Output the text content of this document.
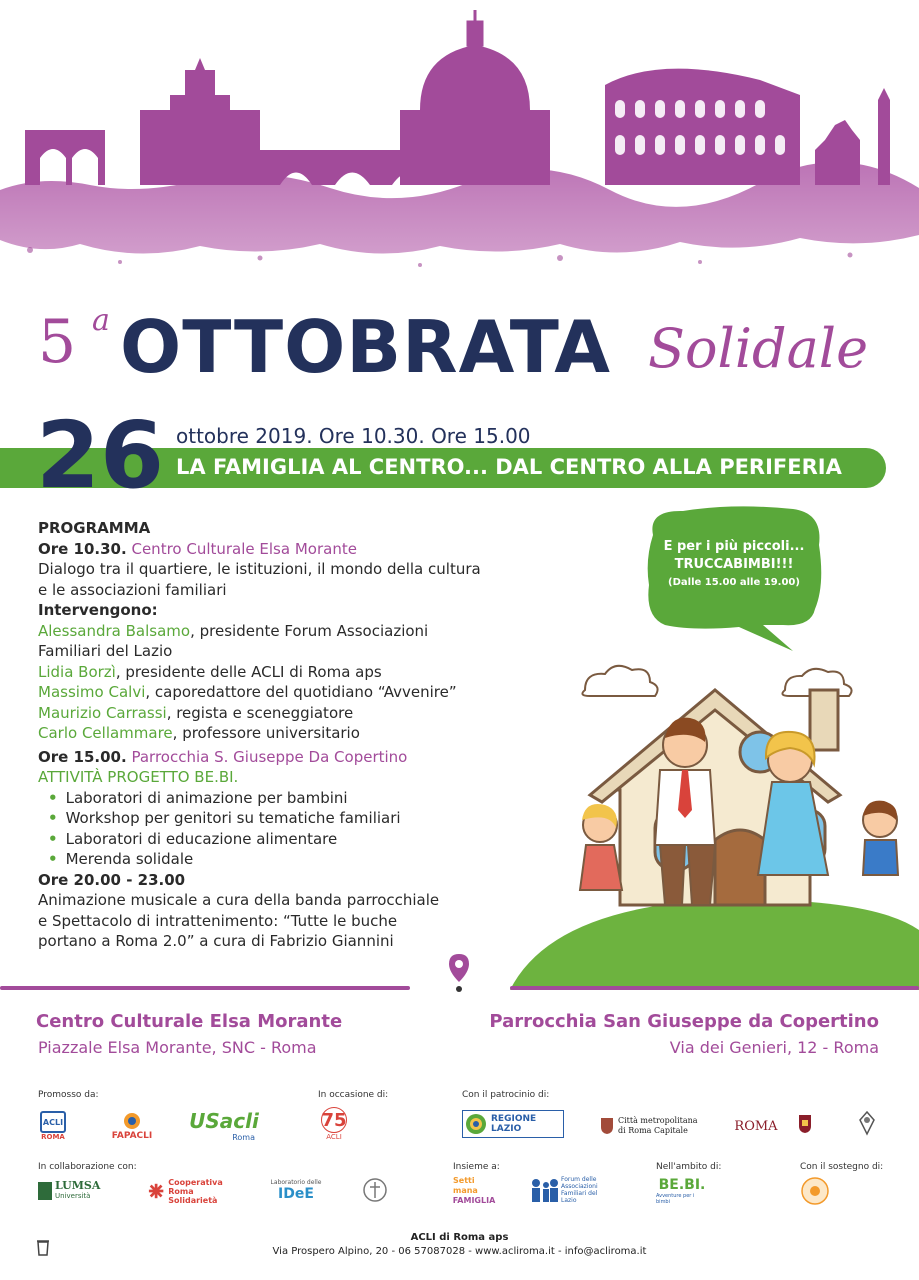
5 a OTTOBRATA Solidale
26 ottobre 2019. Ore 10.30. Ore 15.00
LA FAMIGLIA AL CENTRO... DAL CENTRO ALLA PERIFERIA
PROGRAMMA
Ore 10.30. Centro Culturale Elsa Morante
Dialogo tra il quartiere, le istituzioni, il mondo della cultura
e le associazioni familiari
Intervengono:
Alessandra Balsamo, presidente Forum Associazioni
Familiari del Lazio
Lidia Borzì, presidente delle ACLI di Roma aps
Massimo Calvi, caporedattore del quotidiano “Avvenire”
Maurizio Carrassi, regista e sceneggiatore
Carlo Cellammare, professore universitario
Ore 15.00. Parrocchia S. Giuseppe Da Copertino
ATTIVITÀ PROGETTO BE.BI.
• Laboratori di animazione per bambini
• Workshop per genitori su tematiche familiari
• Laboratori di educazione alimentare
• Merenda solidale
Ore 20.00 - 23.00
Animazione musicale a cura della banda parrocchiale
e Spettacolo di intrattenimento: “Tutte le buche
portano a Roma 2.0” a cura di Fabrizio Giannini
E per i più piccoli...
TRUCCABIMBI!!!
(Dalle 15.00 alle 19.00)
Centro Culturale Elsa Morante
Piazzale Elsa Morante, SNC - Roma
Parrocchia San Giuseppe da Copertino
Via dei Genieri, 12 - Roma
Promosso da:	In occasione di:	Con il patrocinio di:
ACLI
ROMA	FAPACLI
USacli
Roma
75
ACLI
REGIONE
LAZIO
Città metropolitana
di Roma Capitale	ROMA
In collaborazione con:	Insieme a:	Nell'ambito di:	Con il sostegno di:
LUMSA
Università
Cooperativa
Roma Solidarietà
Laboratorio delle
IDeE
Setti mana
FAMIGLIA
Forum delle
Associazioni
Familiari del
Lazio
BE.BI.
Avventure per i bimbi
ACLI di Roma aps
Via Prospero Alpino, 20 - 06 57087028 - www.acliroma.it - info@acliroma.it
